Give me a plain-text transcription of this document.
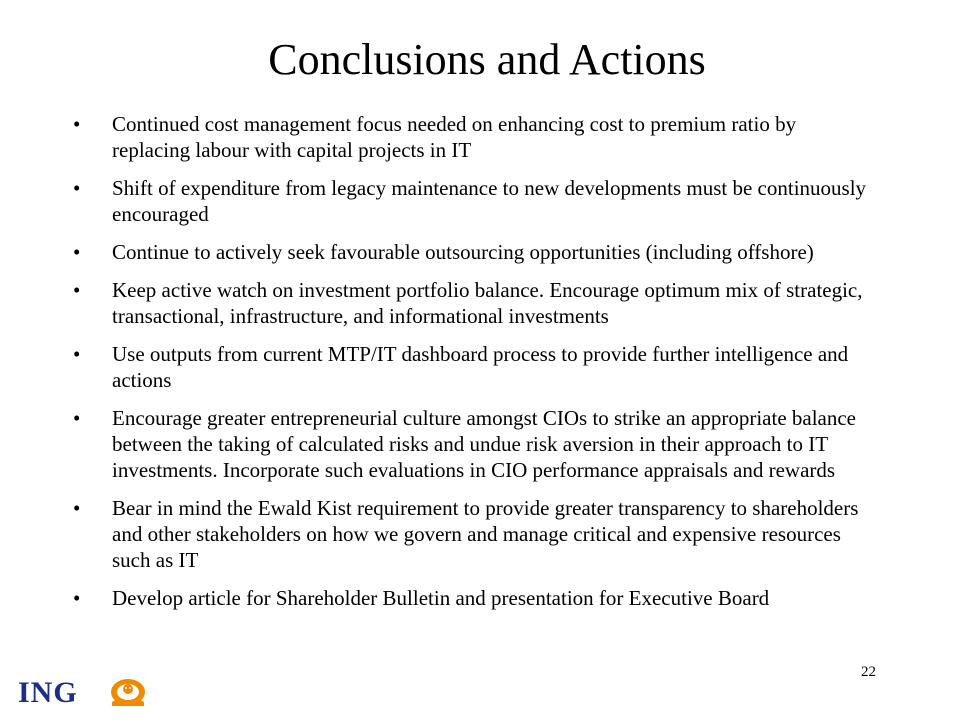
Conclusions and Actions
• Continued cost management focus needed on enhancing cost to premium ratio by replacing labour with capital projects in IT
• Shift of expenditure from legacy maintenance to new developments must be continuously encouraged
• Continue to actively seek favourable outsourcing opportunities (including offshore)
• Keep active watch on investment portfolio balance. Encourage optimum mix of strategic, transactional, infrastructure, and informational investments
• Use outputs from current MTP/IT dashboard process to provide further intelligence and actions
• Encourage greater entrepreneurial culture amongst CIOs to strike an appropriate balance between the taking of calculated risks and undue risk aversion in their approach to IT investments. Incorporate such evaluations in CIO performance appraisals and rewards
• Bear in mind the Ewald Kist requirement to provide greater transparency to shareholders and other stakeholders on how we govern and manage critical and expensive resources such as IT
• Develop article for Shareholder Bulletin and presentation for Executive Board
ING
22
